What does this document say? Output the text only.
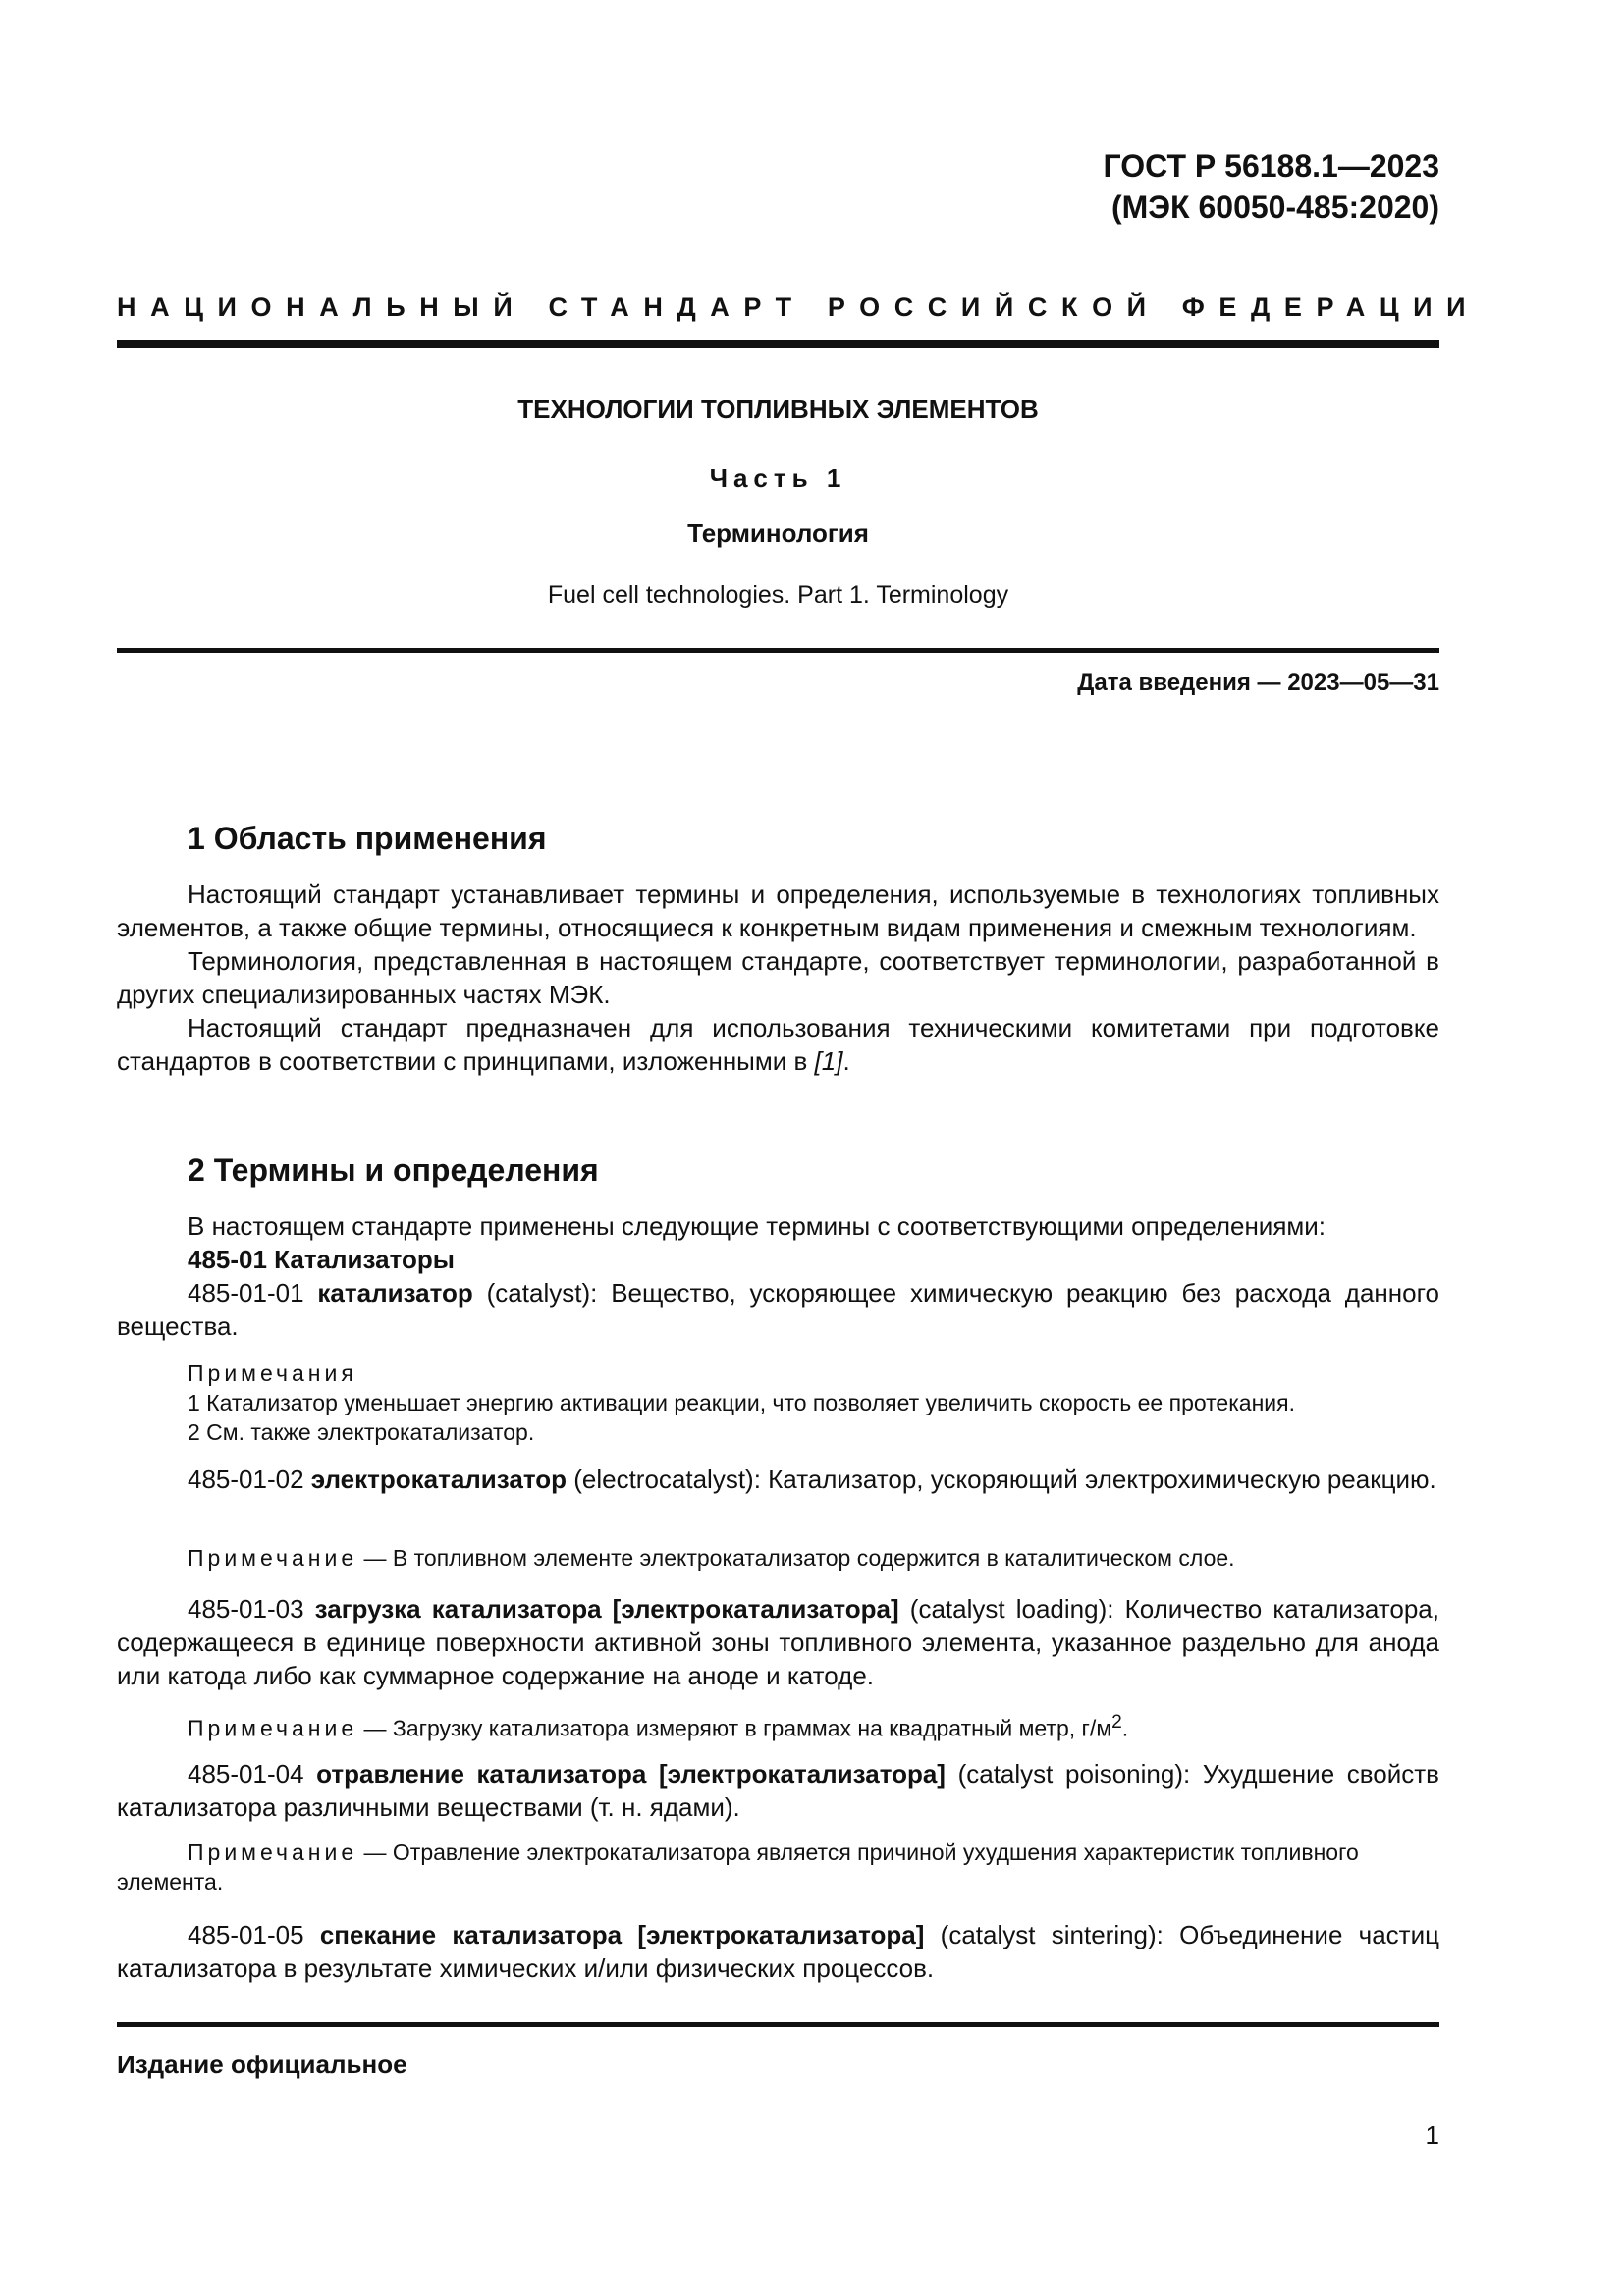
ГОСТ Р 56188.1—2023
(МЭК 60050-485:2020)
НАЦИОНАЛЬНЫЙ СТАНДАРТ РОССИЙСКОЙ ФЕДЕРАЦИИ
ТЕХНОЛОГИИ ТОПЛИВНЫХ ЭЛЕМЕНТОВ
Часть 1
Терминология
Fuel cell technologies. Part 1. Terminology
Дата введения — 2023—05—31
1 Область применения

Настоящий стандарт устанавливает термины и определения, используемые в технологиях топливных элементов, а также общие термины, относящиеся к конкретным видам применения и смежным технологиям.

Терминология, представленная в настоящем стандарте, соответствует терминологии, разработанной в других специализированных частях МЭК.

Настоящий стандарт предназначен для использования техническими комитетами при подготовке стандартов в соответствии с принципами, изложенными в [1].

2 Термины и определения

В настоящем стандарте применены следующие термины с соответствующими определениями:

485-01 Катализаторы

485-01-01 катализатор (catalyst): Вещество, ускоряющее химическую реакцию без расхода данного вещества.

Примечания

1 Катализатор уменьшает энергию активации реакции, что позволяет увеличить скорость ее протекания.

2 См. также электрокатализатор.

485-01-02 электрокатализатор (electrocatalyst): Катализатор, ускоряющий электрохимическую реакцию.

Примечание — В топливном элементе электрокатализатор содержится в каталитическом слое.

485-01-03 загрузка катализатора [электрокатализатора] (catalyst loading): Количество катализатора, содержащееся в единице поверхности активной зоны топливного элемента, указанное раздельно для анода или катода либо как суммарное содержание на аноде и катоде.

Примечание — Загрузку катализатора измеряют в граммах на квадратный метр, $г/м^2$.

485-01-04 отравление катализатора [электрокатализатора] (catalyst poisoning): Ухудшение свойств катализатора различными веществами (т. н. ядами).

Примечание — Отравление электрокатализатора является причиной ухудшения характеристик топливного элемента.

485-01-05 спекание катализатора [электрокатализатора] (catalyst sintering): Объединение частиц катализатора в результате химических и/или физических процессов.

Издание официальное
1
